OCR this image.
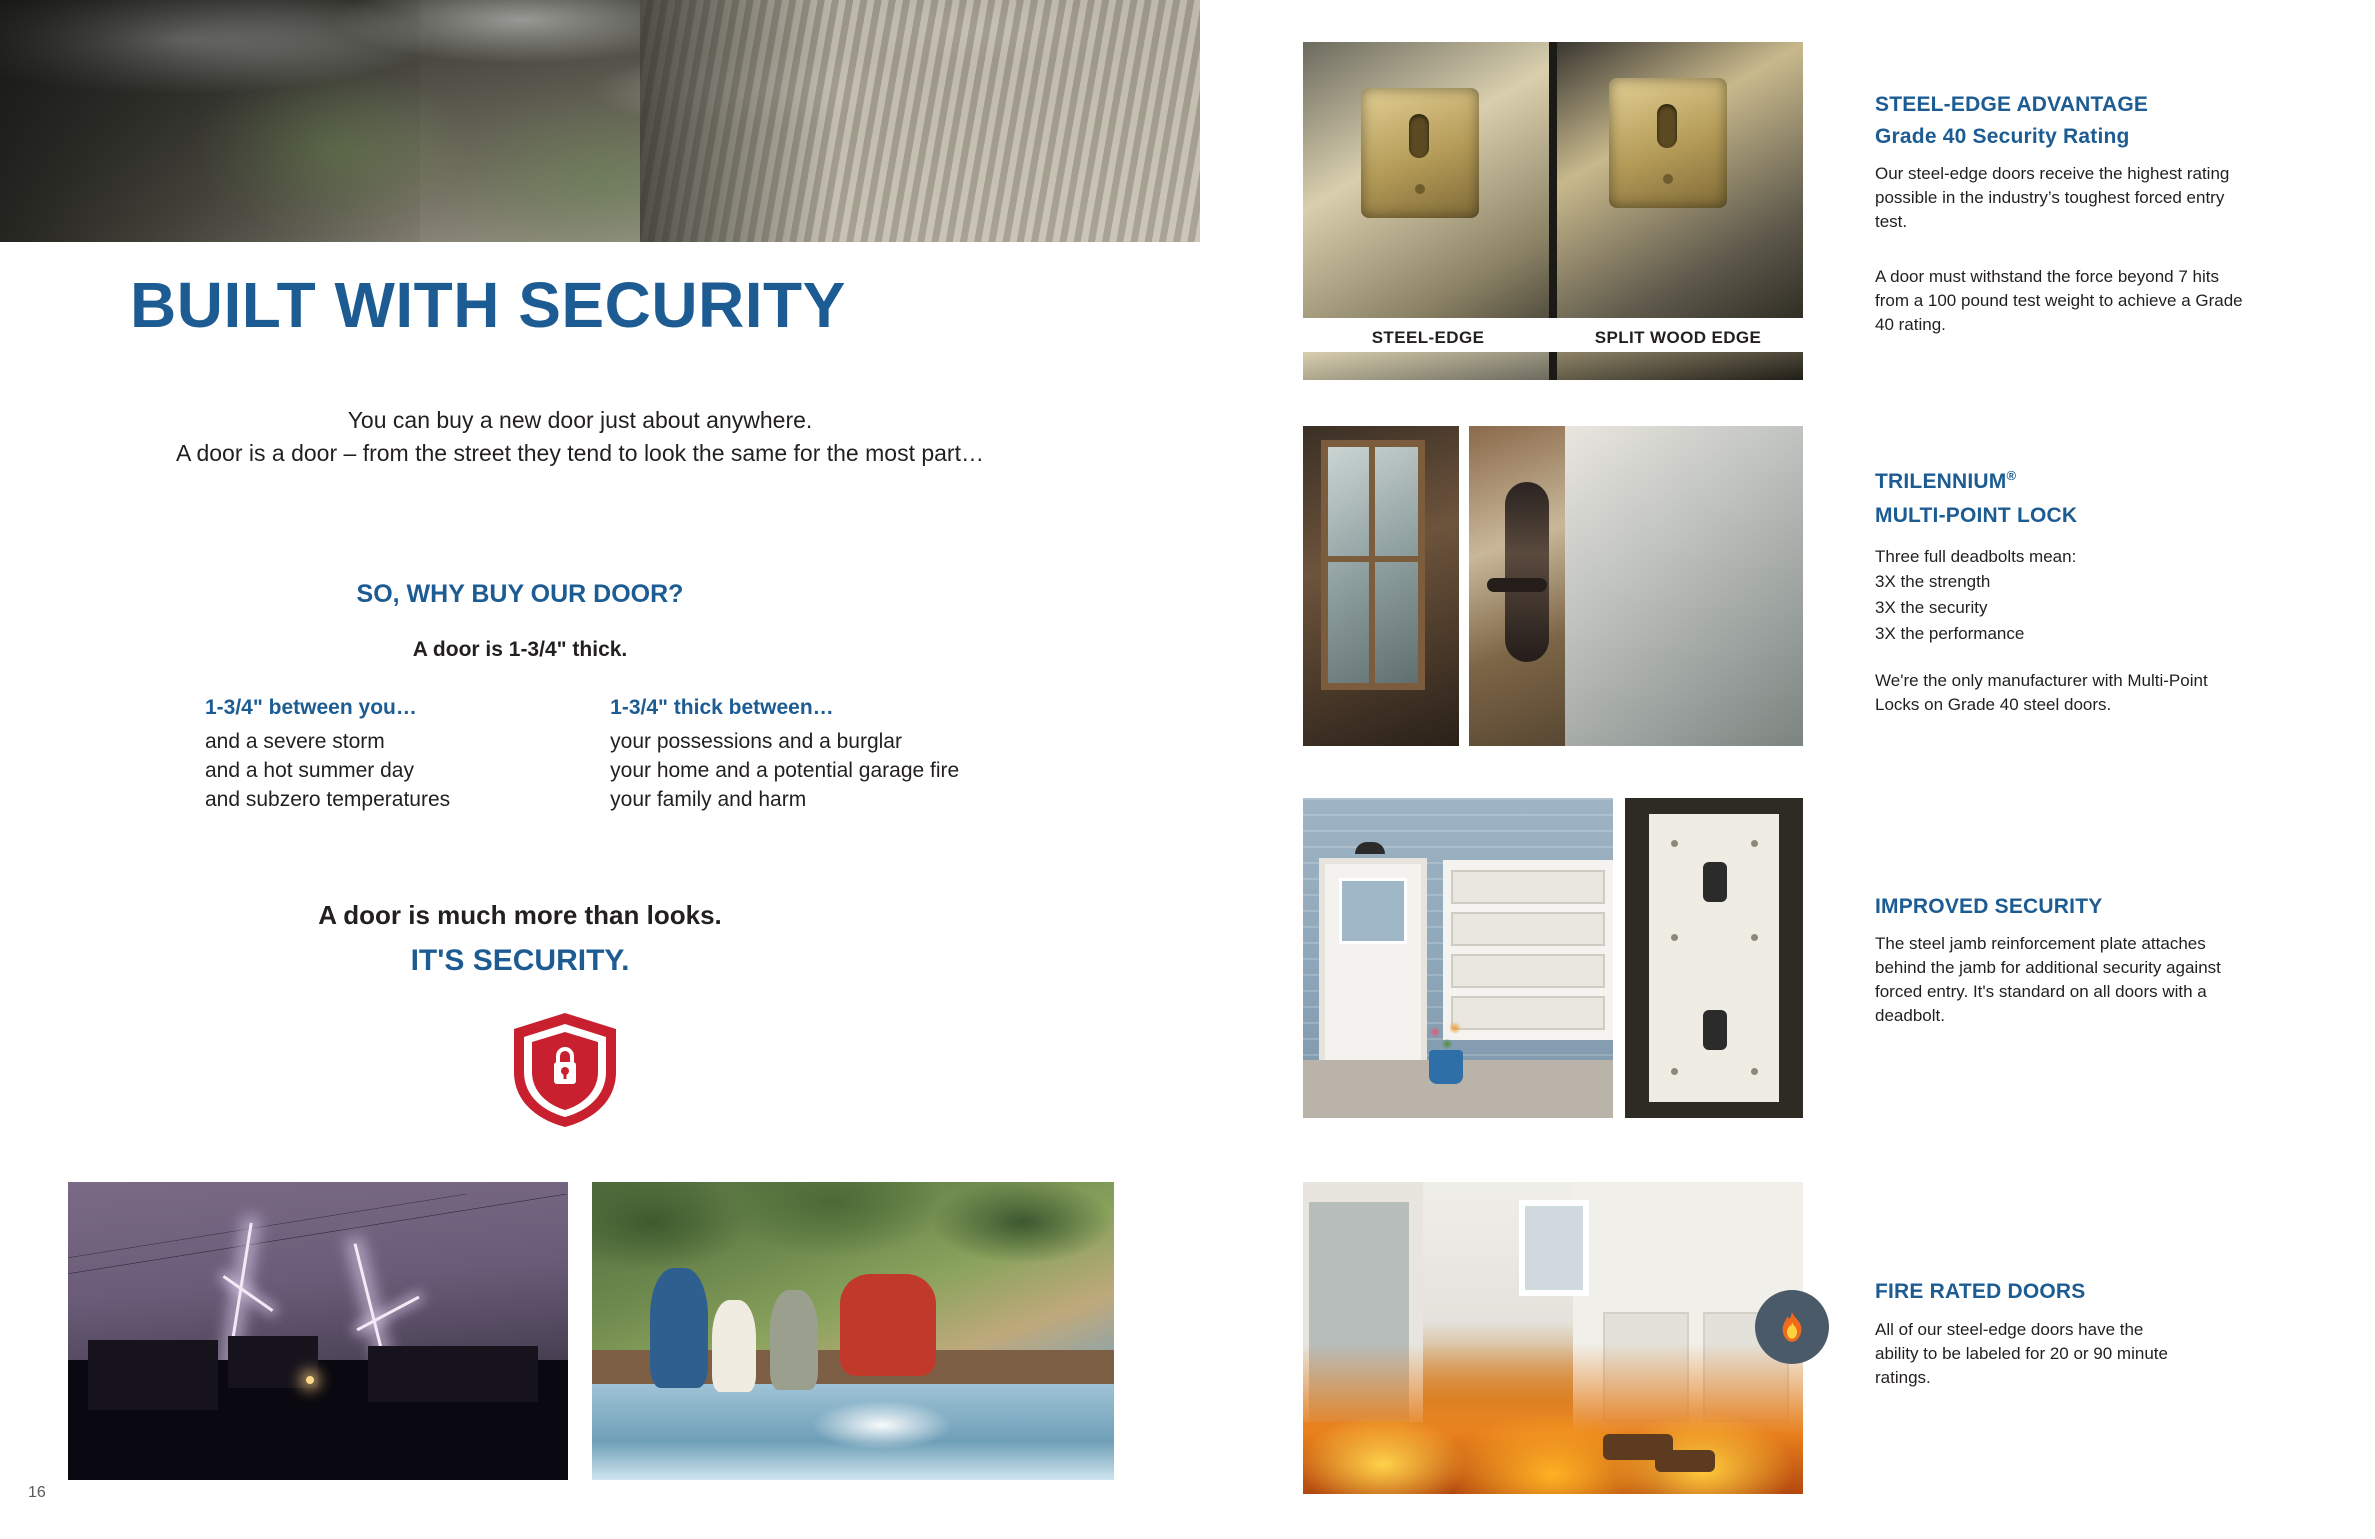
BUILT WITH SECURITY
You can buy a new door just about anywhere.
A door is a door – from the street they tend to look the same for the most part…
SO, WHY BUY OUR DOOR?
A door is 1-3/4" thick.
1-3/4" between you…
and a severe storm
and a hot summer day
and subzero temperatures
1-3/4" thick between…
your possessions and a burglar
your home and a potential garage fire
your family and harm
A door is much more than looks.
IT'S SECURITY.
16
STEEL-EDGE	SPLIT WOOD EDGE
STEEL-EDGE ADVANTAGE
Grade 40 Security Rating
Our steel-edge doors receive the highest rating possible in the industry’s toughest forced entry test.
A door must withstand the force beyond 7 hits from a 100 pound test weight to achieve a Grade 40 rating.
TRILENNIUM®
MULTI-POINT LOCK
Three full deadbolts mean:
3X the strength
3X the security
3X the performance
We're the only manufacturer with Multi-Point Locks on Grade 40 steel doors.
IMPROVED SECURITY
The steel jamb reinforcement plate attaches behind the jamb for additional security against forced entry. It's standard on all doors with a deadbolt.
FIRE RATED DOORS
All of our steel-edge doors have the ability to be labeled for 20 or 90 minute ratings.
